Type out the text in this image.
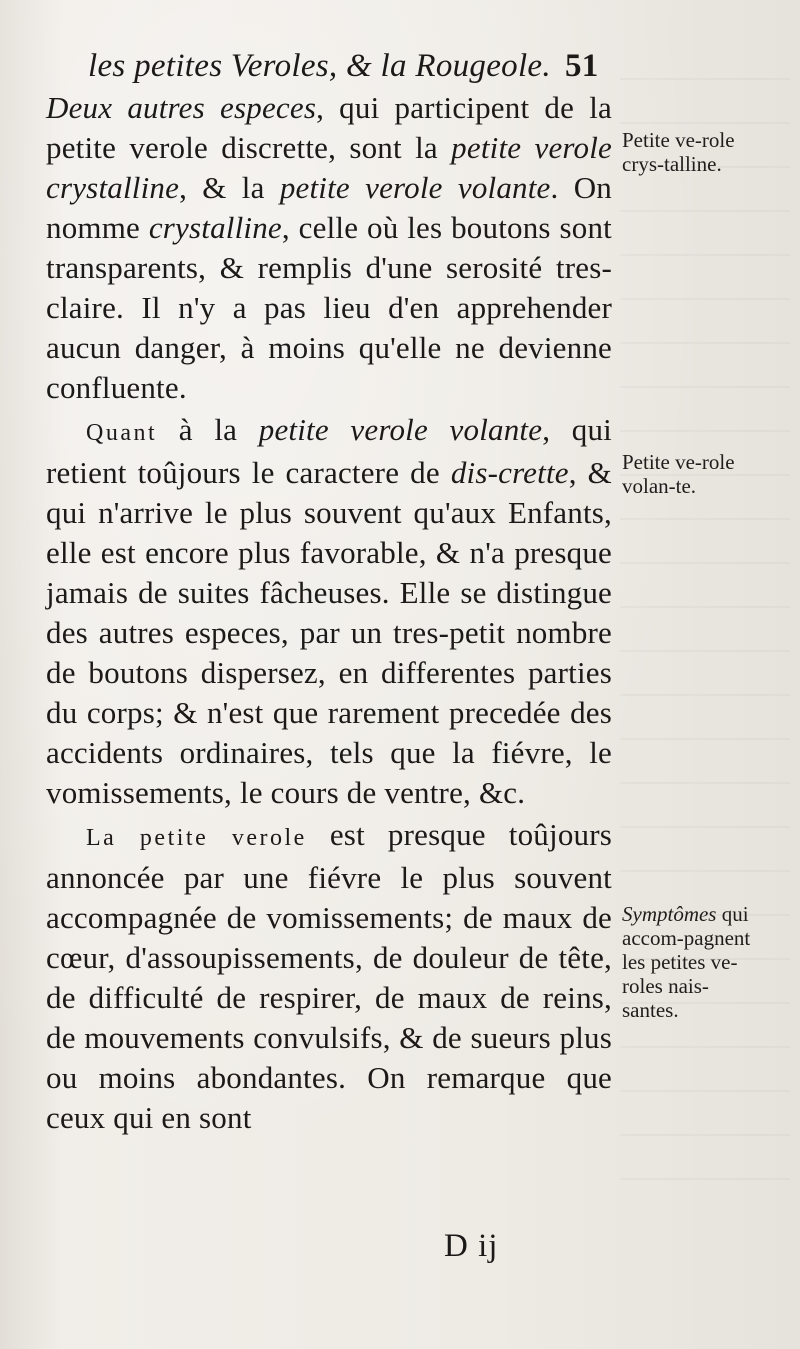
les petites Veroles, & la Rougeole. 51

Deux autres especes, qui participent de la petite verole discrette, sont la petite verole crystalline, & la petite verole volante. On nomme crystalline, celle où les boutons sont transparents, & remplis d'une serosité tres-claire. Il n'y a pas lieu d'en apprehender aucun danger, à moins qu'elle ne devienne confluente.

Quant à la petite verole volante, qui retient toûjours le caractere de dis-crette, & qui n'arrive le plus souvent qu'aux Enfants, elle est encore plus favorable, & n'a presque jamais de suites fâcheuses. Elle se distingue des autres especes, par un tres-petit nombre de boutons dispersez, en differentes parties du corps; & n'est que rarement precedée des accidents ordinaires, tels que la fiévre, le vomissements, le cours de ventre, &c.

La petite verole est presque toûjours annoncée par une fiévre le plus souvent accompagnée de vomissements; de maux de cœur, d'assoupissements, de douleur de tête, de difficulté de respirer, de maux de reins, de mouvements convulsifs, & de sueurs plus ou moins abondantes. On remarque que ceux qui en sont

Petite ve-role crys-talline.
Petite ve-role volan-te.
Symptômes qui accom-pagnent les petites ve-roles nais-santes.
D ij
